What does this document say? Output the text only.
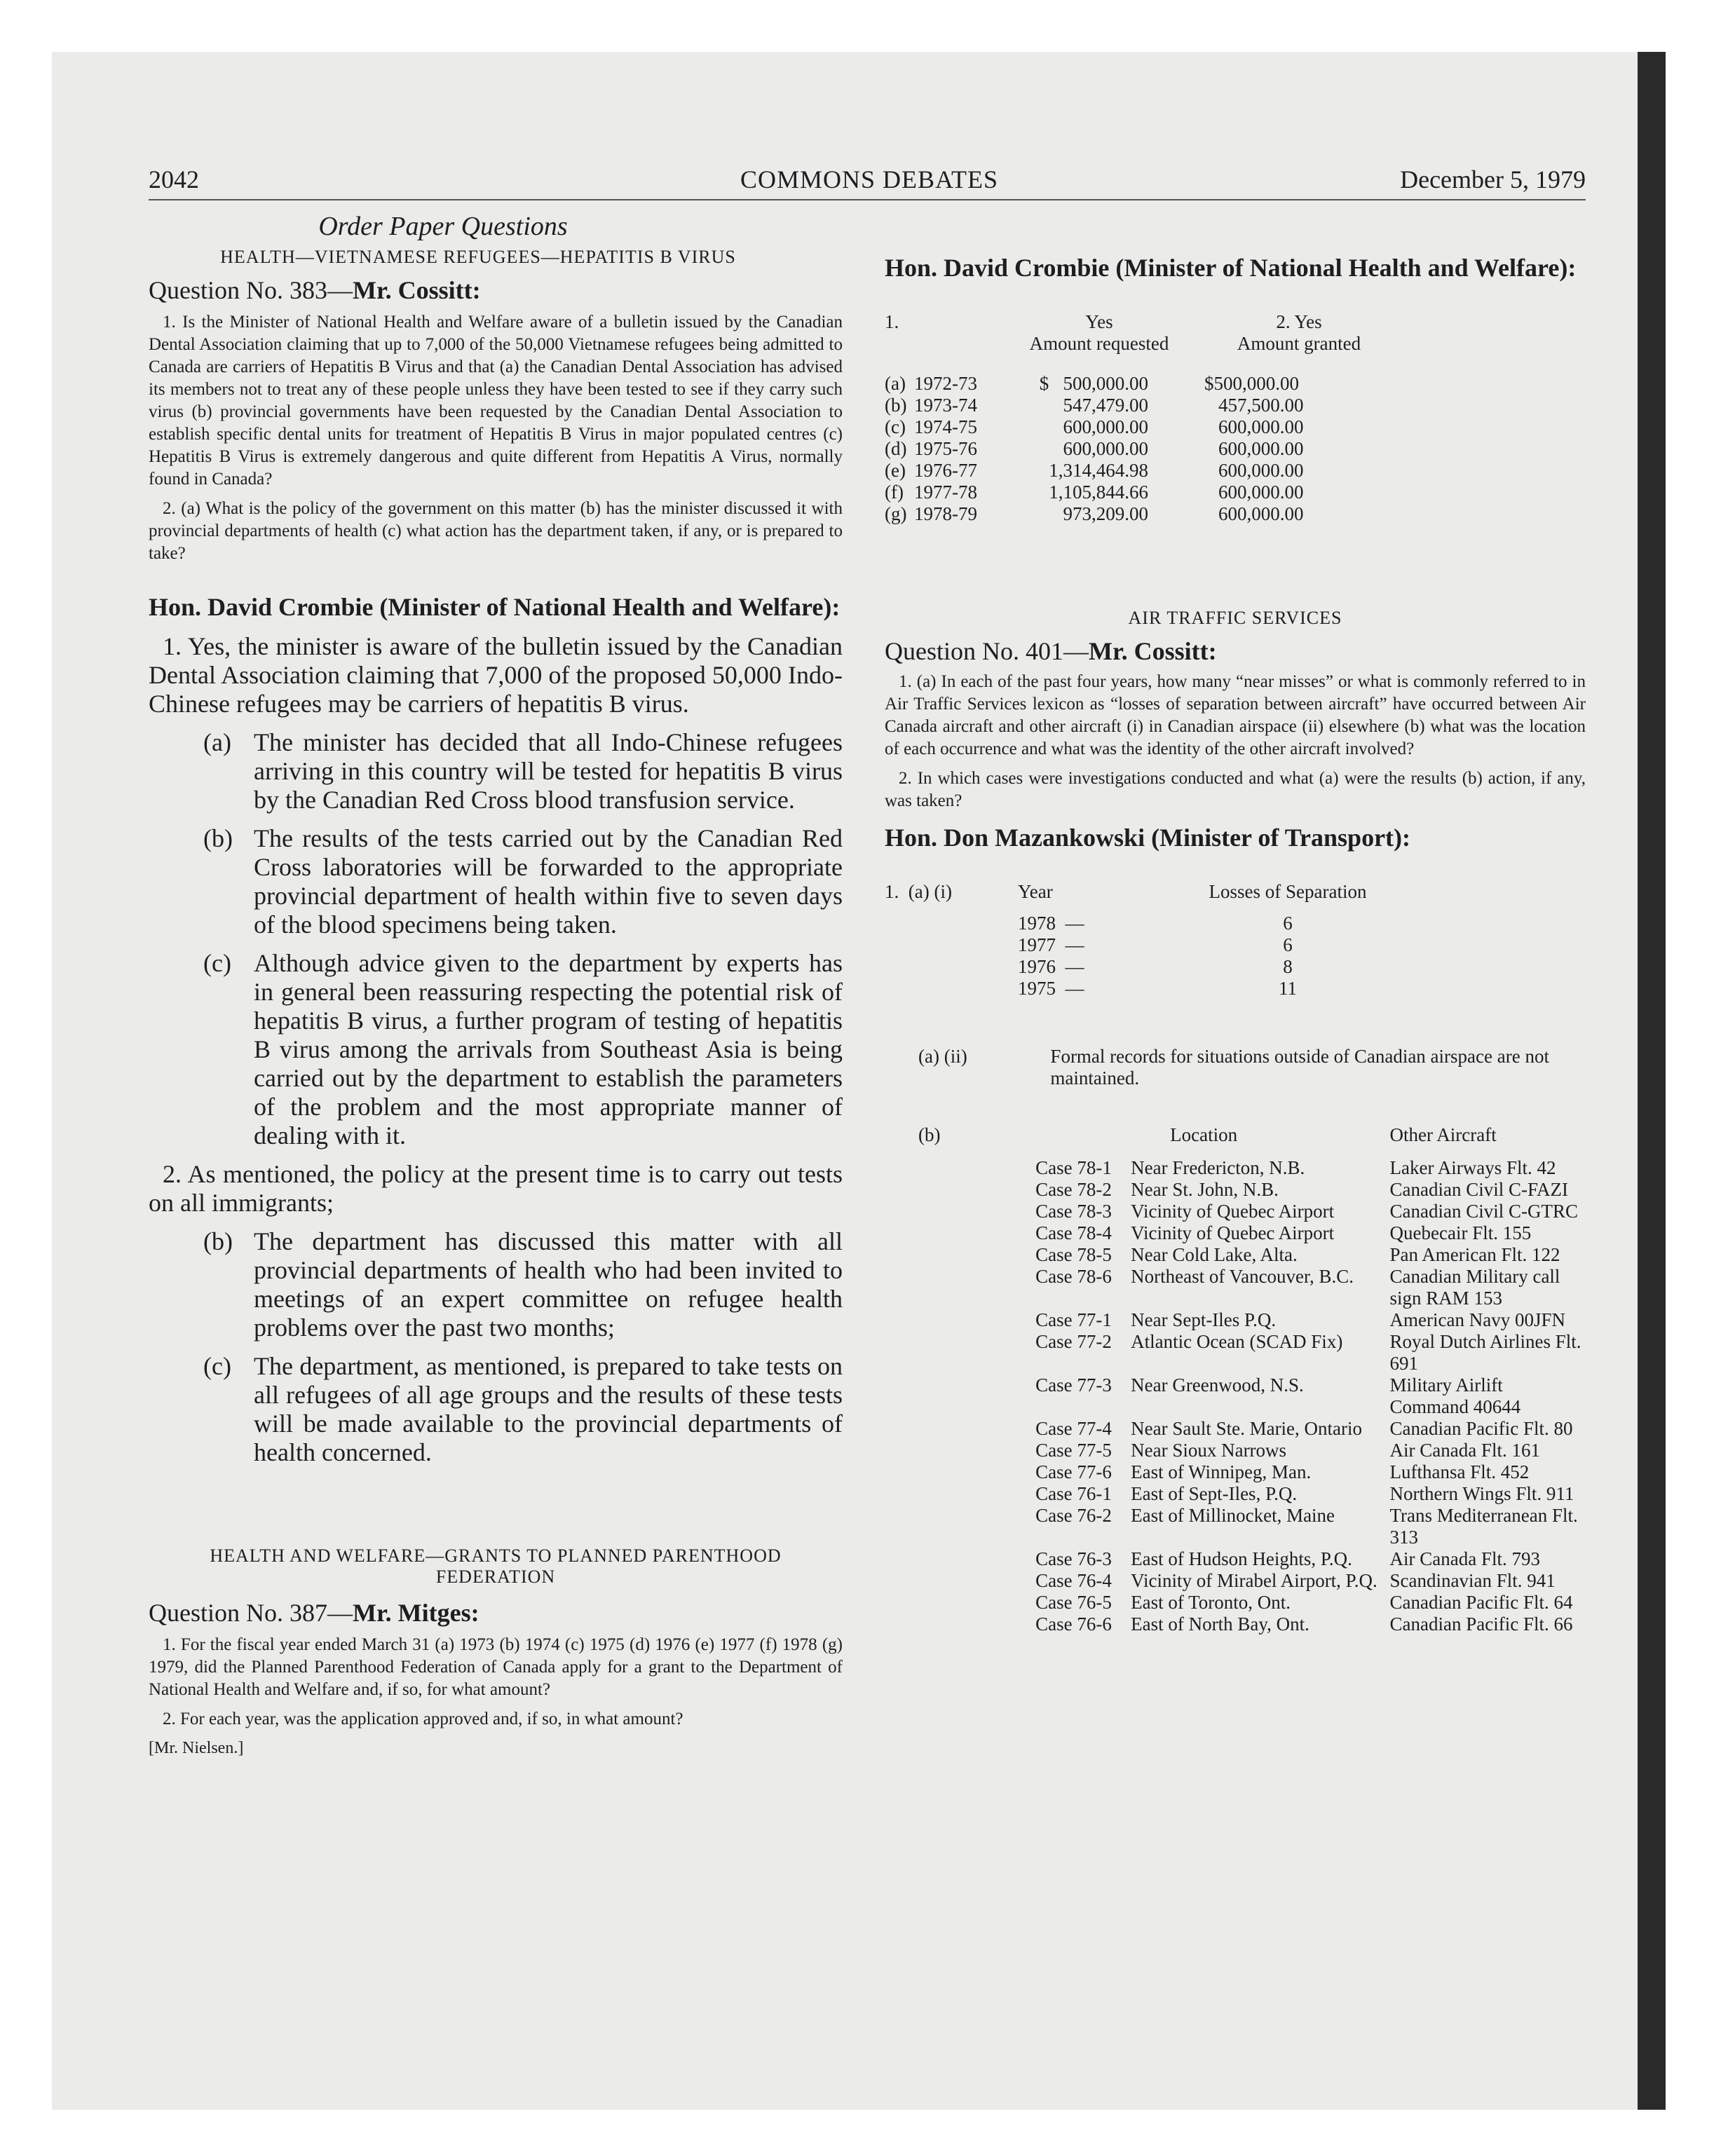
2042	COMMONS DEBATES	December 5, 1979
Order Paper Questions
HEALTH—VIETNAMESE REFUGEES—HEPATITIS B VIRUS
Question No. 383—Mr. Cossitt:

1. Is the Minister of National Health and Welfare aware of a bulletin issued by the Canadian Dental Association claiming that up to 7,000 of the 50,000 Vietnamese refugees being admitted to Canada are carriers of Hepatitis B Virus and that (a) the Canadian Dental Association has advised its members not to treat any of these people unless they have been tested to see if they carry such virus (b) provincial governments have been requested by the Canadian Dental Association to establish specific dental units for treatment of Hepatitis B Virus in major populated centres (c) Hepatitis B Virus is extremely dangerous and quite different from Hepatitis A Virus, normally found in Canada?

2. (a) What is the policy of the government on this matter (b) has the minister discussed it with provincial departments of health (c) what action has the department taken, if any, or is prepared to take?

Hon. David Crombie (Minister of National Health and Welfare):
1. Yes, the minister is aware of the bulletin issued by the Canadian Dental Association claiming that 7,000 of the proposed 50,000 Indo-Chinese refugees may be carriers of hepatitis B virus.
(a) The minister has decided that all Indo-Chinese refugees arriving in this country will be tested for hepatitis B virus by the Canadian Red Cross blood transfusion service.
(b) The results of the tests carried out by the Canadian Red Cross laboratories will be forwarded to the appropriate provincial department of health within five to seven days of the blood specimens being taken.
(c) Although advice given to the department by experts has in general been reassuring respecting the potential risk of hepatitis B virus, a further program of testing of hepatitis B virus among the arrivals from Southeast Asia is being carried out by the department to establish the parameters of the problem and the most appropriate manner of dealing with it.
2. As mentioned, the policy at the present time is to carry out tests on all immigrants;
(b) The department has discussed this matter with all provincial departments of health who had been invited to meetings of an expert committee on refugee health problems over the past two months;
(c) The department, as mentioned, is prepared to take tests on all refugees of all age groups and the results of these tests will be made available to the provincial departments of health concerned.
HEALTH AND WELFARE—GRANTS TO PLANNED PARENTHOOD FEDERATION
Question No. 387—Mr. Mitges:

1. For the fiscal year ended March 31 (a) 1973 (b) 1974 (c) 1975 (d) 1976 (e) 1977 (f) 1978 (g) 1979, did the Planned Parenthood Federation of Canada apply for a grant to the Department of National Health and Welfare and, if so, for what amount?

2. For each year, was the application approved and, if so, in what amount?

[Mr. Nielsen.]
Hon. David Crombie (Minister of National Health and Welfare):
1.		Yes	2. Yes
		Amount requested	Amount granted

(a)	1972-73	$   500,000.00	$500,000.00
(b)	1973-74	547,479.00	457,500.00
(c)	1974-75	600,000.00	600,000.00
(d)	1975-76	600,000.00	600,000.00
(e)	1976-77	1,314,464.98	600,000.00
(f)	1977-78	1,105,844.66	600,000.00
(g)	1978-79	973,209.00	600,000.00
AIR TRAFFIC SERVICES
Question No. 401—Mr. Cossitt:

1. (a) In each of the past four years, how many “near misses” or what is commonly referred to in Air Traffic Services lexicon as “losses of separation between aircraft” have occurred between Air Canada aircraft and other aircraft (i) in Canadian airspace (ii) elsewhere (b) what was the location of each occurrence and what was the identity of the other aircraft involved?

2. In which cases were investigations conducted and what (a) were the results (b) action, if any, was taken?

Hon. Don Mazankowski (Minister of Transport):
1.  (a) (i)	Year	Losses of Separation

	1978  —	6
	1977  —	6
	1976  —	8
	1975  —	11
(a) (ii)	Formal records for situations outside of Canadian airspace are not maintained.
(b)		Location	Other Aircraft

	Case 78-1	Near Fredericton, N.B.	Laker Airways Flt. 42
	Case 78-2	Near St. John, N.B.	Canadian Civil C-FAZI
	Case 78-3	Vicinity of Quebec Airport	Canadian Civil C-GTRC
	Case 78-4	Vicinity of Quebec Airport	Quebecair Flt. 155
	Case 78-5	Near Cold Lake, Alta.	Pan American Flt. 122
	Case 78-6	Northeast of Vancouver, B.C.	Canadian Military call sign RAM 153
	Case 77-1	Near Sept-Iles P.Q.	American Navy 00JFN
	Case 77-2	Atlantic Ocean (SCAD Fix)	Royal Dutch Airlines Flt. 691
	Case 77-3	Near Greenwood, N.S.	Military Airlift Command 40644
	Case 77-4	Near Sault Ste. Marie, Ontario	Canadian Pacific Flt. 80
	Case 77-5	Near Sioux Narrows	Air Canada Flt. 161
	Case 77-6	East of Winnipeg, Man.	Lufthansa Flt. 452
	Case 76-1	East of Sept-Iles, P.Q.	Northern Wings Flt. 911
	Case 76-2	East of Millinocket, Maine	Trans Mediterranean Flt. 313
	Case 76-3	East of Hudson Heights, P.Q.	Air Canada Flt. 793
	Case 76-4	Vicinity of Mirabel Airport, P.Q.	Scandinavian Flt. 941
	Case 76-5	East of Toronto, Ont.	Canadian Pacific Flt. 64
	Case 76-6	East of North Bay, Ont.	Canadian Pacific Flt. 66
